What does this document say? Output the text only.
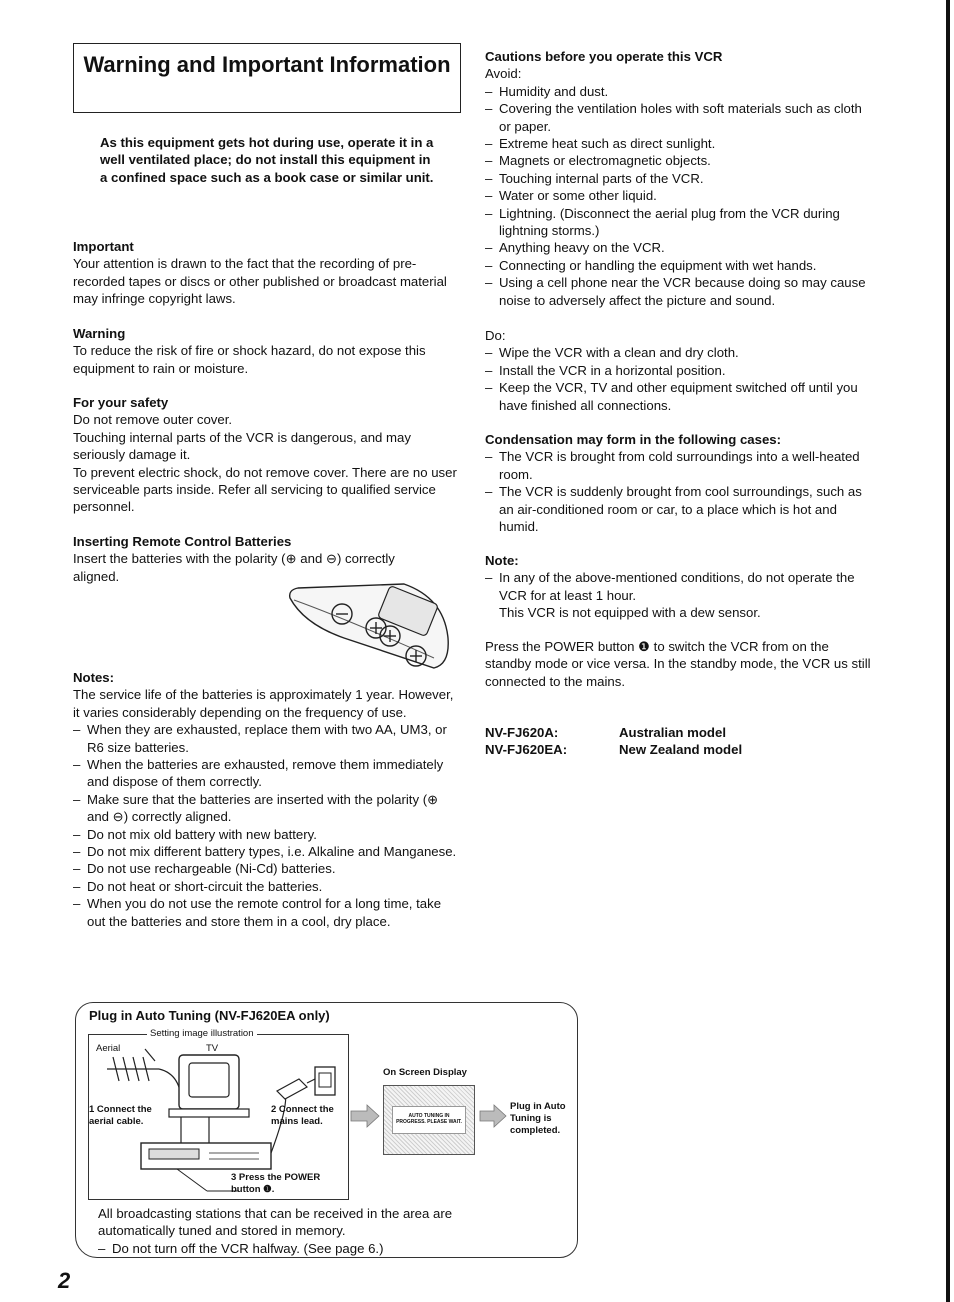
Warning and Important Information

As this equipment gets hot during use, operate it in a well ventilated place; do not install this equipment in a confined space such as a book case or similar unit.

Important

Your attention is drawn to the fact that the recording of pre-recorded tapes or discs or other published or broadcast material may infringe copyright laws.

Warning

To reduce the risk of fire or shock hazard, do not expose this equipment to rain or moisture.

For your safety

Do not remove outer cover.

Touching internal parts of the VCR is dangerous, and may seriously damage it.

To prevent electric shock, do not remove cover. There are no user serviceable parts inside. Refer all servicing to qualified service personnel.

Inserting Remote Control Batteries

Insert the batteries with the polarity (⊕ and ⊖) correctly aligned.

Notes:

The service life of the batteries is approximately 1 year. However, it varies considerably depending on the frequency of use.

– When they are exhausted, replace them with two AA, UM3, or R6 size batteries.

– When the batteries are exhausted, remove them immediately and dispose of them correctly.

– Make sure that the batteries are inserted with the polarity (⊕ and ⊖) correctly aligned.

– Do not mix old battery with new battery.

– Do not mix different battery types, i.e. Alkaline and Manganese.

– Do not use rechargeable (Ni-Cd) batteries.

– Do not heat or short-circuit the batteries.

– When you do not use the remote control for a long time, take out the batteries and store them in a cool, dry place.

Cautions before you operate this VCR

Avoid:

– Humidity and dust.

– Covering the ventilation holes with soft materials such as cloth or paper.

– Extreme heat such as direct sunlight.

– Magnets or electromagnetic objects.

– Touching internal parts of the VCR.

– Water or some other liquid.

– Lightning. (Disconnect the aerial plug from the VCR during lightning storms.)

– Anything heavy on the VCR.

– Connecting or handling the equipment with wet hands.

– Using a cell phone near the VCR because doing so may cause noise to adversely affect the picture and sound.

Do:

– Wipe the VCR with a clean and dry cloth.

– Install the VCR in a horizontal position.

– Keep the VCR, TV and other equipment switched off until you have finished all connections.

Condensation may form in the following cases:

– The VCR is brought from cold surroundings into a well-heated room.

– The VCR is suddenly brought from cool surroundings, such as an air-conditioned room or car, to a place which is hot and humid.

Note:

– In any of the above-mentioned conditions, do not operate the VCR for at least 1 hour.

This VCR is not equipped with a dew sensor.

Press the POWER button ❶ to switch the VCR from on the standby mode or vice versa. In the standby mode, the VCR us still connected to the mains.

NV-FJ620A:	Australian model
NV-FJ620EA:	New Zealand model
Plug in Auto Tuning (NV-FJ620EA only)
Setting image illustration
Aerial	TV
1 Connect the aerial cable.
2 Connect the mains lead.
3 Press the POWER button ❶.
On Screen Display
AUTO TUNING IN PROGRESS. PLEASE WAIT.
Plug in Auto Tuning is completed.

All broadcasting stations that can be received in the area are automatically tuned and stored in memory.

– Do not turn off the VCR halfway. (See page 6.)

2
